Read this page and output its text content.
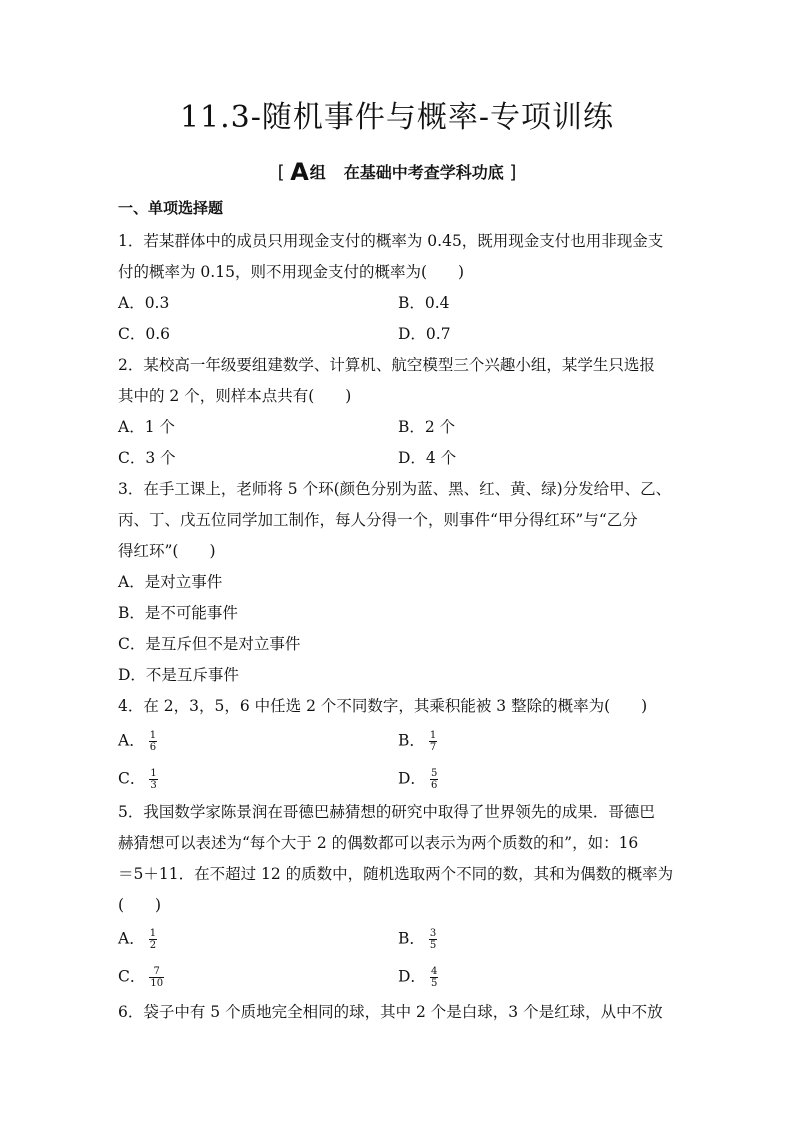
11.3-随机事件与概率-专项训练
[ A组 在基础中考查学科功底 ]
一、单项选择题
1．若某群体中的成员只用现金支付的概率为 0.45，既用现金支付也用非现金支
付的概率为 0.15，则不用现金支付的概率为(　　)
A．0.3	B．0.4
C．0.6	D．0.7
2．某校高一年级要组建数学、计算机、航空模型三个兴趣小组，某学生只选报
其中的 2 个，则样本点共有(　　)
A．1 个	B．2 个
C．3 个	D．4 个
3．在手工课上，老师将 5 个环(颜色分别为蓝、黑、红、黄、绿)分发给甲、乙、
丙、丁、戊五位同学加工制作，每人分得一个，则事件“甲分得红环”与“乙分
得红环”(　　)
A．是对立事件
B．是不可能事件
C．是互斥但不是对立事件
D．不是互斥事件
4．在 2，3，5，6 中任选 2 个不同数字，其乘积能被 3 整除的概率为(　　)
A． $\frac{1}{6}$	B． $\frac{1}{7}$
C． $\frac{1}{3}$	D． $\frac{5}{6}$
5．我国数学家陈景润在哥德巴赫猜想的研究中取得了世界领先的成果．哥德巴
赫猜想可以表述为“每个大于 2 的偶数都可以表示为两个质数的和”，如：16
＝5＋11．在不超过 12 的质数中，随机选取两个不同的数，其和为偶数的概率为
(　　)
A． $\frac{1}{2}$	B． $\frac{3}{5}$
C． $\frac{7}{10}$	D． $\frac{4}{5}$
6．袋子中有 5 个质地完全相同的球，其中 2 个是白球，3 个是红球，从中不放
